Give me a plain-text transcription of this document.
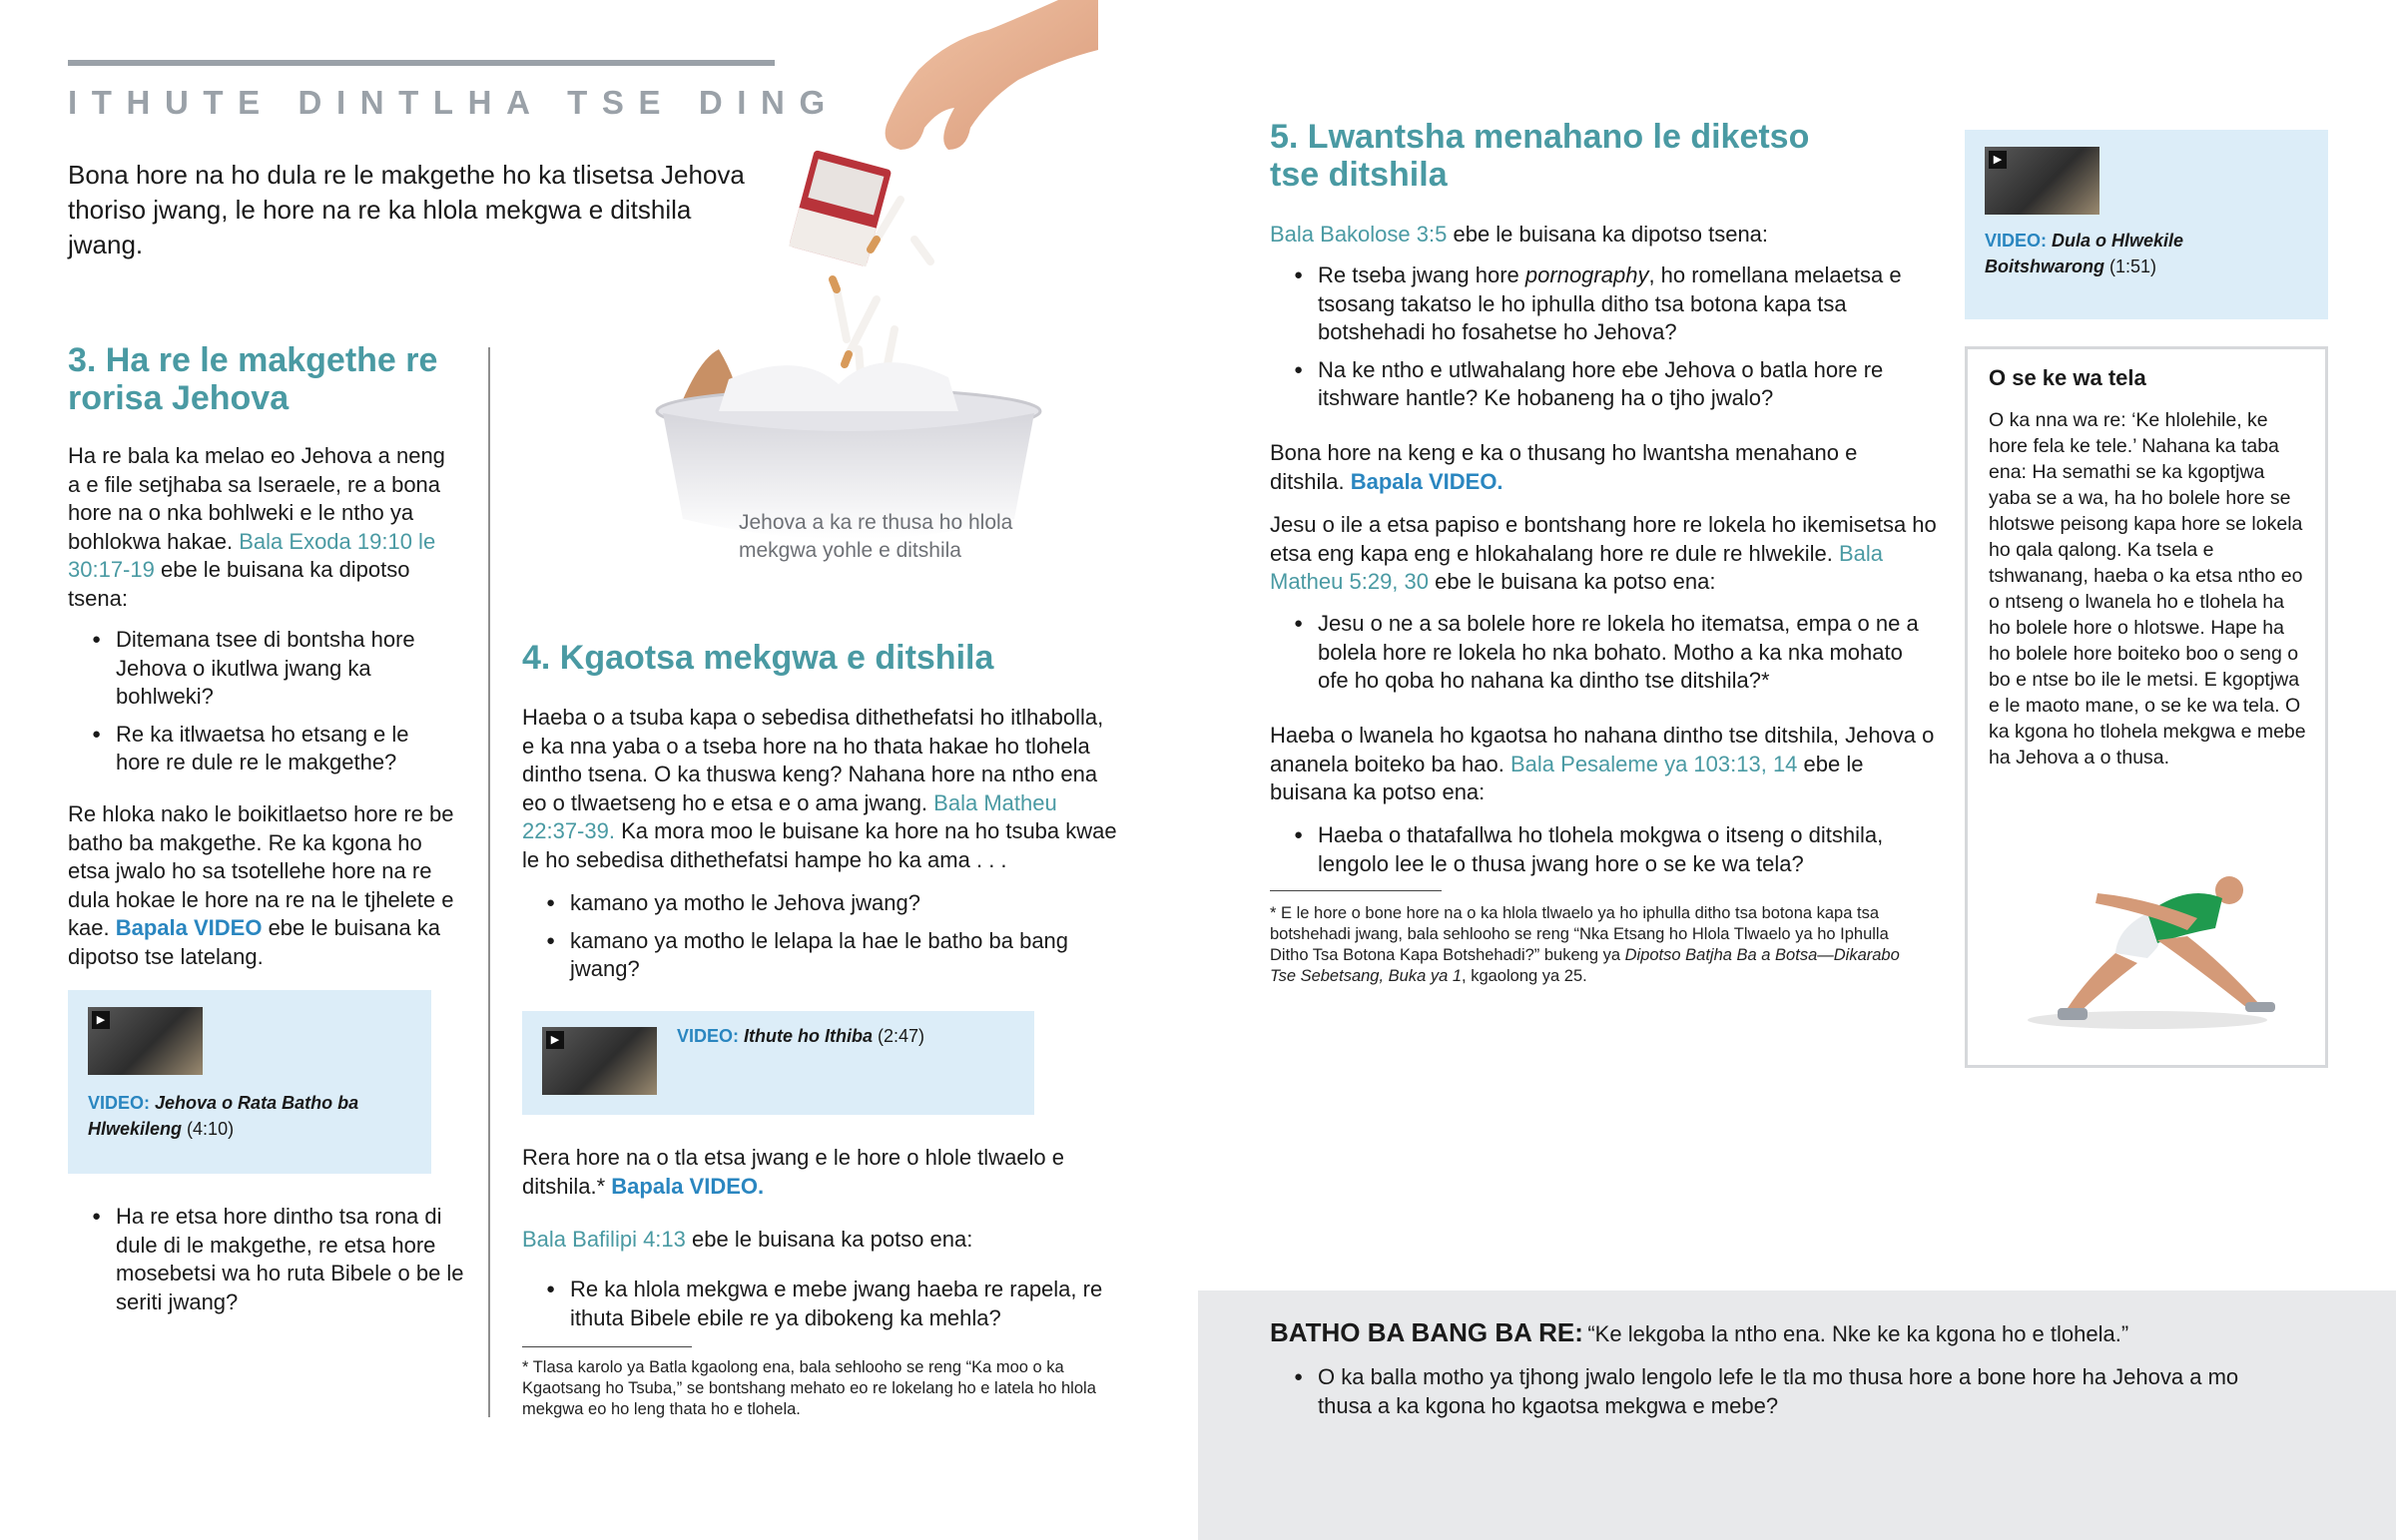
ITHUTE DINTLHA TSE DING
Bona hore na ho dula re le makgethe ho ka tlisetsa Jehova thoriso jwang, le hore na re ka hlola mekgwa e ditshila jwang.
Jehova a ka re thusa ho hlola mekgwa yohle e ditshila
3. Ha re le makgethe re rorisa Jehova
Ha re bala ka melao eo Jehova a neng a e file setjhaba sa Iseraele, re a bona hore na o nka bohlweki e le ntho ya bohlokwa hakae. Bala Exoda 19:10 le 30:17-19 ebe le buisana ka dipotso tsena:
● Ditemana tsee di bontsha hore Jehova o ikutlwa jwang ka bohlweki?
● Re ka itlwaetsa ho etsang e le hore re dule re le makgethe?
Re hloka nako le boikitlaetso hore re be batho ba makgethe. Re ka kgona ho etsa jwalo ho sa tsotellehe hore na re dula hokae le hore na re na le tjhelete e kae. Bapala VIDEO ebe le buisana ka dipotso tse latelang.
▶
VIDEO: Jehova o Rata Batho ba Hlwekileng (4:10)
● Ha re etsa hore dintho tsa rona di dule di le makgethe, re etsa hore mosebetsi wa ho ruta Bibele o be le seriti jwang?
4. Kgaotsa mekgwa e ditshila
Haeba o a tsuba kapa o sebedisa dithethefatsi ho itlhabolla, e ka nna yaba o a tseba hore na ho thata hakae ho tlohela dintho tsena. O ka thuswa keng? Nahana hore na ntho ena eo o tlwaetseng ho e etsa e o ama jwang. Bala Matheu 22:37-39. Ka mora moo le buisane ka hore na ho tsuba kwae le ho sebedisa dithethefatsi hampe ho ka ama . . .
● kamano ya motho le Jehova jwang?
● kamano ya motho le lelapa la hae le batho ba bang jwang?
▶	VIDEO: Ithute ho Ithiba (2:47)
Rera hore na o tla etsa jwang e le hore o hlole tlwaelo e ditshila.* Bapala VIDEO.
Bala Bafilipi 4:13 ebe le buisana ka potso ena:
● Re ka hlola mekgwa e mebe jwang haeba re rapela, re ithuta Bibele ebile re ya dibokeng ka mehla?
* Tlasa karolo ya Batla kgaolong ena, bala sehlooho se reng “Ka moo o ka Kgaotsang ho Tsuba,” se bontshang mehato eo re lokelang ho e latela ho hlola mekgwa eo ho leng thata ho e tlohela.
5. Lwantsha menahano le diketso tse ditshila
Bala Bakolose 3:5 ebe le buisana ka dipotso tsena:
● Re tseba jwang hore pornography, ho romellana melaetsa e tsosang takatso le ho iphulla ditho tsa botona kapa tsa botshehadi ho fosahetse ho Jehova?
● Na ke ntho e utlwahalang hore ebe Jehova o batla hore re itshware hantle? Ke hobaneng ha o tjho jwalo?
Bona hore na keng e ka o thusang ho lwantsha menahano e ditshila. Bapala VIDEO.
Jesu o ile a etsa papiso e bontshang hore re lokela ho ikemisetsa ho etsa eng kapa eng e hlokahalang hore re dule re hlwekile. Bala Matheu 5:29, 30 ebe le buisana ka potso ena:
● Jesu o ne a sa bolele hore re lokela ho itematsa, empa o ne a bolela hore re lokela ho nka bohato. Motho a ka nka mohato ofe ho qoba ho nahana ka dintho tse ditshila?*
Haeba o lwanela ho kgaotsa ho nahana dintho tse ditshila, Jehova o ananela boiteko ba hao. Bala Pesaleme ya 103:13, 14 ebe le buisana ka potso ena:
● Haeba o thatafallwa ho tlohela mokgwa o itseng o ditshila, lengolo lee le o thusa jwang hore o se ke wa tela?
* E le hore o bone hore na o ka hlola tlwaelo ya ho iphulla ditho tsa botona kapa tsa botshehadi jwang, bala sehlooho se reng “Nka Etsang ho Hlola Tlwaelo ya ho Iphulla Ditho Tsa Botona Kapa Botshehadi?” bukeng ya Dipotso Batjha Ba a Botsa—Dikarabo Tse Sebetsang, Buka ya 1, kgaolong ya 25.
▶
VIDEO: Dula o Hlwekile Boitshwarong (1:51)
O se ke wa tela
O ka nna wa re: ‘Ke hlolehile, ke hore fela ke tele.’ Nahana ka taba ena: Ha semathi se ka kgoptjwa yaba se a wa, ha ho bolele hore se hlotswe peisong kapa hore se lokela ho qala qalong. Ka tsela e tshwanang, haeba o ka etsa ntho eo o ntseng o lwanela ho e tlohela ha ho bolele hore o hlotswe. Hape ha ho bolele hore boiteko boo o seng o bo e ntse bo ile le metsi. E kgoptjwa e le maoto mane, o se ke wa tela. O ka kgona ho tlohela mekgwa e mebe ha Jehova a o thusa.
BATHO BA BANG BA RE: “Ke lekgoba la ntho ena. Nke ke ka kgona ho e tlohela.”
● O ka balla motho ya tjhong jwalo lengolo lefe le tla mo thusa hore a bone hore ha Jehova a mo thusa a ka kgona ho kgaotsa mekgwa e mebe?
